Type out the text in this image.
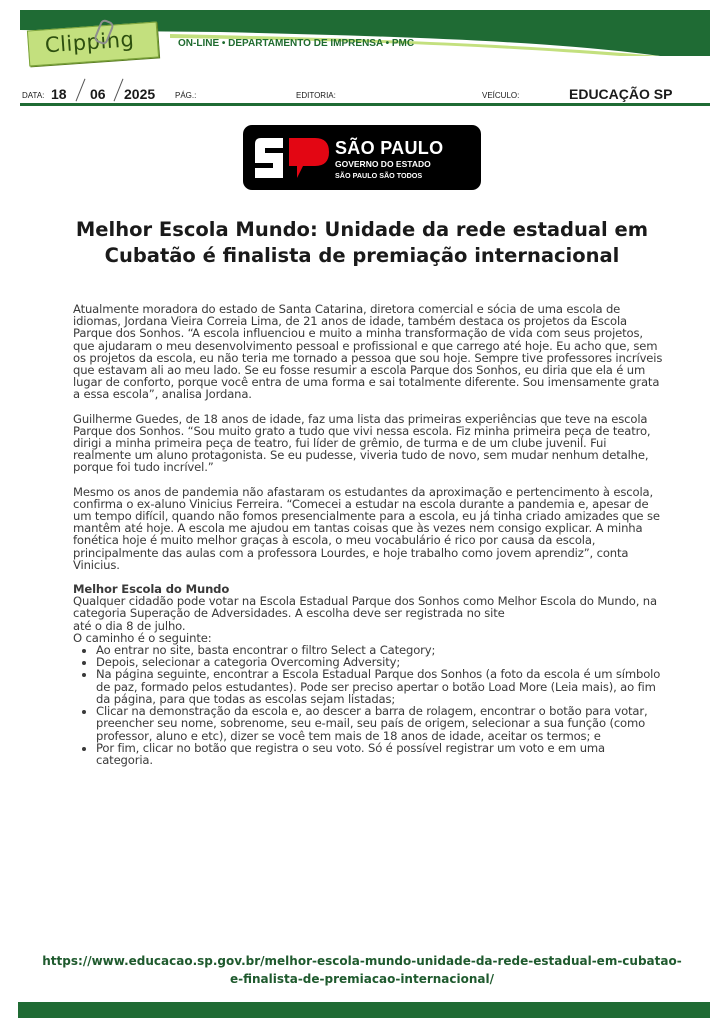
Clipping	ON-LINE • DEPARTAMENTO DE IMPRENSA • PMC
DATA: 18 06 2025 PÁG.:	EDITORIA:	VEÍCULO:	EDUCAÇÃO SP
SÃO PAULO
GOVERNO DO ESTADO
SÃO PAULO SÃO TODOS
Melhor Escola Mundo: Unidade da rede estadual em Cubatão é finalista de premiação internacional

Atualmente moradora do estado de Santa Catarina, diretora comercial e sócia de uma escola de idiomas, Jordana Vieira Correia Lima, de 21 anos de idade, também destaca os projetos da Escola Parque dos Sonhos. “A escola influenciou e muito a minha transformação de vida com seus projetos, que ajudaram o meu desenvolvimento pessoal e profissional e que carrego até hoje. Eu acho que, sem os projetos da escola, eu não teria me tornado a pessoa que sou hoje. Sempre tive professores incríveis que estavam ali ao meu lado. Se eu fosse resumir a escola Parque dos Sonhos, eu diria que ela é um lugar de conforto, porque você entra de uma forma e sai totalmente diferente. Sou imensamente grata a essa escola”, analisa Jordana.

Guilherme Guedes, de 18 anos de idade, faz uma lista das primeiras experiências que teve na escola Parque dos Sonhos. “Sou muito grato a tudo que vivi nessa escola. Fiz minha primeira peça de teatro, dirigi a minha primeira peça de teatro, fui líder de grêmio, de turma e de um clube juvenil. Fui realmente um aluno protagonista. Se eu pudesse, viveria tudo de novo, sem mudar nenhum detalhe, porque foi tudo incrível.”

Mesmo os anos de pandemia não afastaram os estudantes da aproximação e pertencimento à escola, confirma o ex-aluno Vinicius Ferreira. “Comecei a estudar na escola durante a pandemia e, apesar de um tempo difícil, quando não fomos presencialmente para a escola, eu já tinha criado amizades que se mantêm até hoje. A escola me ajudou em tantas coisas que às vezes nem consigo explicar. A minha fonética hoje é muito melhor graças à escola, o meu vocabulário é rico por causa da escola, principalmente das aulas com a professora Lourdes, e hoje trabalho como jovem aprendiz”, conta Vinicius.

Melhor Escola do Mundo

Qualquer cidadão pode votar na Escola Estadual Parque dos Sonhos como Melhor Escola do Mundo, na categoria Superação de Adversidades. A escolha deve ser registrada no site
até o dia 8 de julho.

O caminho é o seguinte:

• Ao entrar no site, basta encontrar o filtro Select a Category;
• Depois, selecionar a categoria Overcoming Adversity;
• Na página seguinte, encontrar a Escola Estadual Parque dos Sonhos (a foto da escola é um símbolo de paz, formado pelos estudantes). Pode ser preciso apertar o botão Load More (Leia mais), ao fim da página, para que todas as escolas sejam listadas;
• Clicar na demonstração da escola e, ao descer a barra de rolagem, encontrar o botão para votar, preencher seu nome, sobrenome, seu e-mail, seu país de origem, selecionar a sua função (como professor, aluno e etc), dizer se você tem mais de 18 anos de idade, aceitar os termos; e
• Por fim, clicar no botão que registra o seu voto. Só é possível registrar um voto e em uma categoria.
https://www.educacao.sp.gov.br/melhor-escola-mundo-unidade-da-rede-estadual-em-cubatao-e-finalista-de-premiacao-internacional/
